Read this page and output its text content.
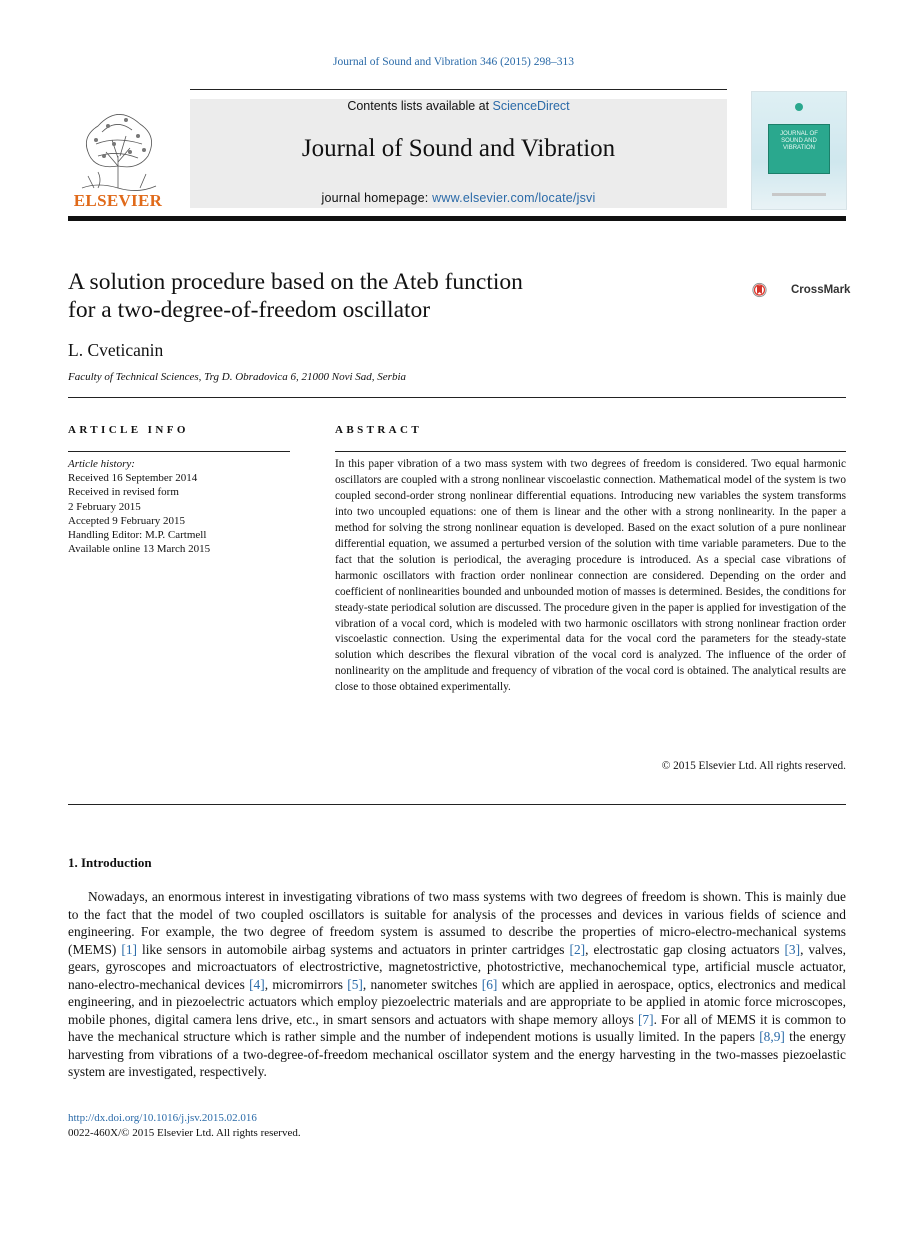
Journal of Sound and Vibration 346 (2015) 298–313
ELSEVIER
Contents lists available at ScienceDirect
Journal of Sound and Vibration
journal homepage: www.elsevier.com/locate/jsvi
JOURNAL OF SOUND AND VIBRATION
A solution procedure based on the Ateb function
for a two-degree-of-freedom oscillator
CrossMark
L. Cveticanin
Faculty of Technical Sciences, Trg D. Obradovica 6, 21000 Novi Sad, Serbia
ARTICLE INFO	ABSTRACT
Article history:
Received 16 September 2014
Received in revised form
2 February 2015
Accepted 9 February 2015
Handling Editor: M.P. Cartmell
Available online 13 March 2015
In this paper vibration of a two mass system with two degrees of freedom is considered. Two equal harmonic oscillators are coupled with a strong nonlinear viscoelastic connection. Mathematical model of the system is two coupled second-order strong nonlinear differential equations. Introducing new variables the system transforms into two uncoupled equations: one of them is linear and the other with a strong nonlinearity. In the paper a method for solving the strong nonlinear equation is developed. Based on the exact solution of a pure nonlinear differential equation, we assumed a perturbed version of the solution with time variable parameters. Due to the fact that the solution is periodical, the averaging procedure is introduced. As a special case vibrations of harmonic oscillators with fraction order nonlinear connection are considered. Depending on the order and coefficient of nonlinearities bounded and unbounded motion of masses is determined. Besides, the conditions for steady-state periodical solution are discussed. The procedure given in the paper is applied for investigation of the vibration of a vocal cord, which is modeled with two harmonic oscillators with strong nonlinear fraction order viscoelastic connection. Using the experimental data for the vocal cord the parameters for the steady-state solution which describes the flexural vibration of the vocal cord is analyzed. The influence of the order of nonlinearity on the amplitude and frequency of vibration of the vocal cord is obtained. The analytical results are close to those obtained experimentally.
© 2015 Elsevier Ltd. All rights reserved.
1. Introduction

Nowadays, an enormous interest in investigating vibrations of two mass systems with two degrees of freedom is shown. This is mainly due to the fact that the model of two coupled oscillators is suitable for analysis of the processes and devices in various fields of science and engineering. For example, the two degree of freedom system is assumed to describe the properties of micro-electro-mechanical systems (MEMS) [1] like sensors in automobile airbag systems and actuators in printer cartridges [2], electrostatic gap closing actuators [3], valves, gears, gyroscopes and microactuators of electrostrictive, magnetostrictive, photostrictive, mechanochemical type, artificial muscle actuator, nano-electro-mechanical devices [4], micromirrors [5], nanometer switches [6] which are applied in aerospace, optics, electronics and medical engineering, and in piezoelectric actuators which employ piezoelectric materials and are appropriate to be applied in atomic force microscopes, mobile phones, digital camera lens drive, etc., in smart sensors and actuators with shape memory alloys [7]. For all of MEMS it is common to have the mechanical structure which is rather simple and the number of independent motions is usually limited. In the papers [8,9] the energy harvesting from vibrations of a two-degree-of-freedom mechanical oscillator system and the energy harvesting in the two-masses piezoelastic system are investigated, respectively.

http://dx.doi.org/10.1016/j.jsv.2015.02.016
0022-460X/© 2015 Elsevier Ltd. All rights reserved.
